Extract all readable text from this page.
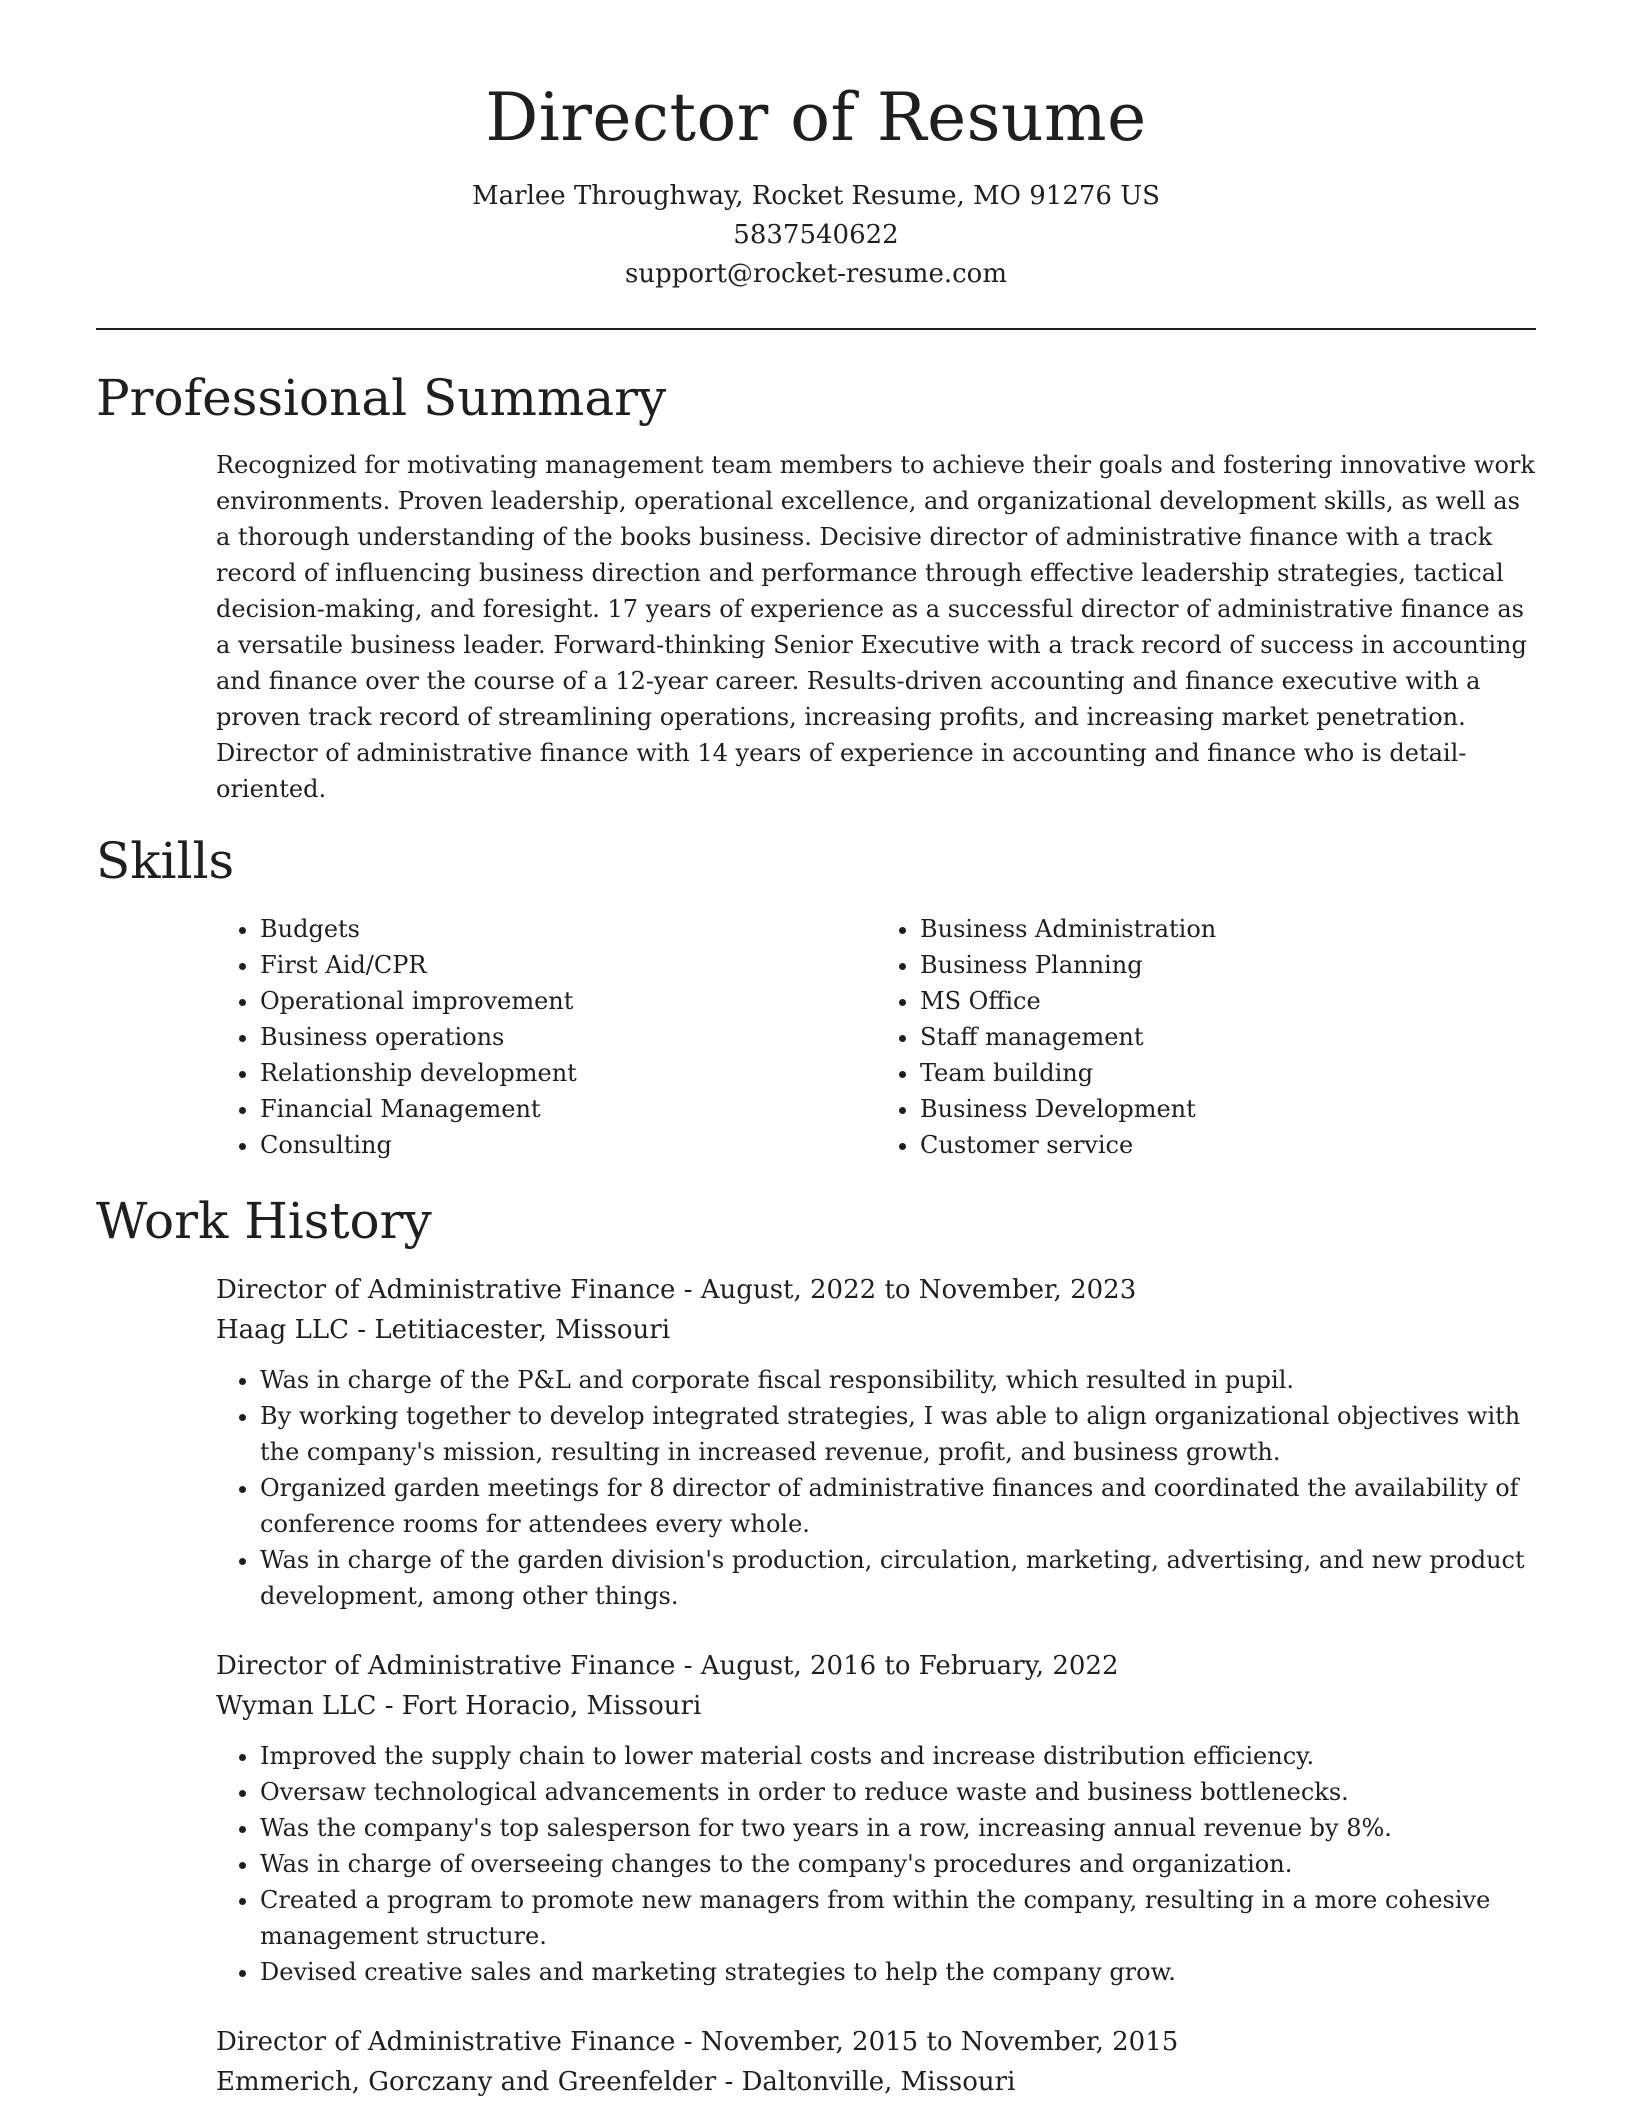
Director of Resume

Marlee Throughway, Rocket Resume, MO 91276 US

5837540622

support@rocket-resume.com

Professional Summary

Recognized for motivating management team members to achieve their goals and fostering innovative work environments. Proven leadership, operational excellence, and organizational development skills, as well as a thorough understanding of the books business. Decisive director of administrative finance with a track record of influencing business direction and performance through effective leadership strategies, tactical decision-making, and foresight. 17 years of experience as a successful director of administrative finance as a versatile business leader. Forward-thinking Senior Executive with a track record of success in accounting and finance over the course of a 12-year career. Results-driven accounting and finance executive with a proven track record of streamlining operations, increasing profits, and increasing market penetration. Director of administrative finance with 14 years of experience in accounting and finance who is detail-oriented.

Skills
• Budgets
• First Aid/CPR
• Operational improvement
• Business operations
• Relationship development
• Financial Management
• Consulting
• Business Administration
• Business Planning
• MS Office
• Staff management
• Team building
• Business Development
• Customer service
Work History

Director of Administrative Finance - August, 2022 to November, 2023

Haag LLC - Letitiacester, Missouri

• Was in charge of the P&L and corporate fiscal responsibility, which resulted in pupil.
• By working together to develop integrated strategies, I was able to align organizational objectives with the company's mission, resulting in increased revenue, profit, and business growth.
• Organized garden meetings for 8 director of administrative finances and coordinated the availability of conference rooms for attendees every whole.
• Was in charge of the garden division's production, circulation, marketing, advertising, and new product development, among other things.

Director of Administrative Finance - August, 2016 to February, 2022

Wyman LLC - Fort Horacio, Missouri

• Improved the supply chain to lower material costs and increase distribution efficiency.
• Oversaw technological advancements in order to reduce waste and business bottlenecks.
• Was the company's top salesperson for two years in a row, increasing annual revenue by 8%.
• Was in charge of overseeing changes to the company's procedures and organization.
• Created a program to promote new managers from within the company, resulting in a more cohesive management structure.
• Devised creative sales and marketing strategies to help the company grow.

Director of Administrative Finance - November, 2015 to November, 2015

Emmerich, Gorczany and Greenfelder - Daltonville, Missouri
